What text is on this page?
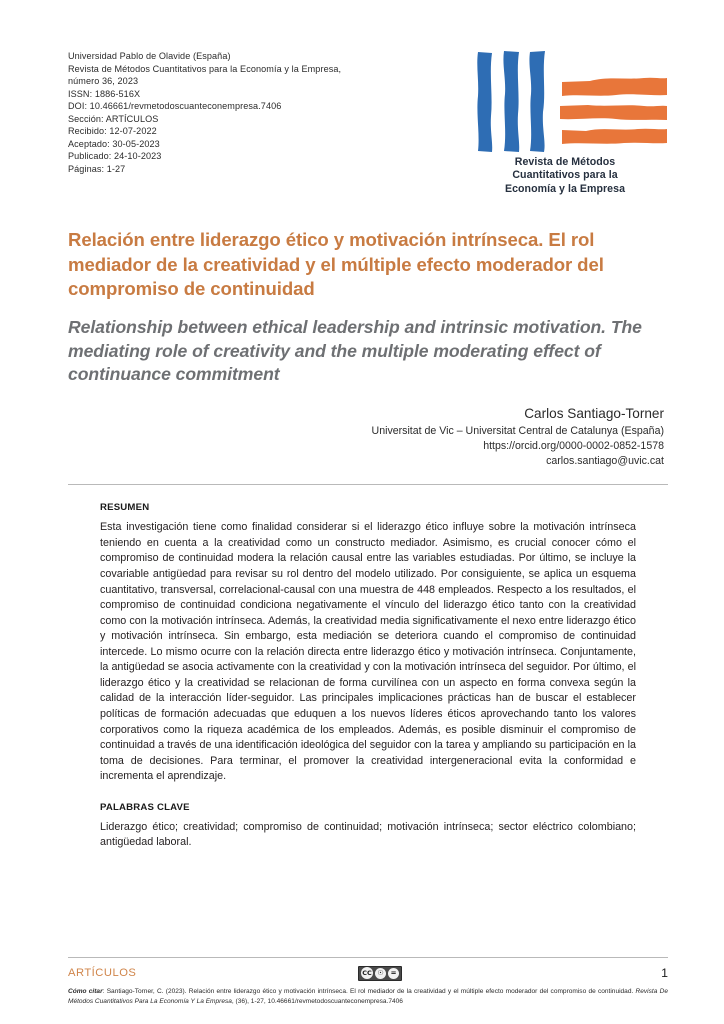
Universidad Pablo de Olavide (España)
Revista de Métodos Cuantitativos para la Economía y la Empresa,
número 36, 2023
ISSN: 1886-516X
DOI: 10.46661/revmetodoscuanteconempresa.7406
Sección: ARTÍCULOS
Recibido: 12-07-2022
Aceptado: 30-05-2023
Publicado: 24-10-2023
Páginas: 1-27
Revista de Métodos
Cuantitativos para la
Economía y la Empresa
Relación entre liderazgo ético y motivación intrínseca. El rol mediador de la creatividad y el múltiple efecto moderador del compromiso de continuidad
Relationship between ethical leadership and intrinsic motivation. The mediating role of creativity and the multiple moderating effect of continuance commitment
Carlos Santiago-Torner
Universitat de Vic – Universitat Central de Catalunya (España)
https://orcid.org/0000-0002-0852-1578
carlos.santiago@uvic.cat
RESUMEN

Esta investigación tiene como finalidad considerar si el liderazgo ético influye sobre la motivación intrínseca teniendo en cuenta a la creatividad como un constructo mediador. Asimismo, es crucial conocer cómo el compromiso de continuidad modera la relación causal entre las variables estudiadas. Por último, se incluye la covariable antigüedad para revisar su rol dentro del modelo utilizado. Por consiguiente, se aplica un esquema cuantitativo, transversal, correlacional-causal con una muestra de 448 empleados. Respecto a los resultados, el compromiso de continuidad condiciona negativamente el vínculo del liderazgo ético tanto con la creatividad como con la motivación intrínseca. Además, la creatividad media significativamente el nexo entre liderazgo ético y motivación intrínseca. Sin embargo, esta mediación se deteriora cuando el compromiso de continuidad intercede. Lo mismo ocurre con la relación directa entre liderazgo ético y motivación intrínseca. Conjuntamente, la antigüedad se asocia activamente con la creatividad y con la motivación intrínseca del seguidor. Por último, el liderazgo ético y la creatividad se relacionan de forma curvilínea con un aspecto en forma convexa según la calidad de la interacción líder-seguidor. Las principales implicaciones prácticas han de buscar el establecer políticas de formación adecuadas que eduquen a los nuevos líderes éticos aprovechando tanto los valores corporativos como la riqueza académica de los empleados. Además, es posible disminuir el compromiso de continuidad a través de una identificación ideológica del seguidor con la tarea y ampliando su participación en la toma de decisiones. Para terminar, el promover la creatividad intergeneracional evita la conformidad e incrementa el aprendizaje.

PALABRAS CLAVE

Liderazgo ético; creatividad; compromiso de continuidad; motivación intrínseca; sector eléctrico colombiano; antigüedad laboral.

ARTÍCULOS	CC ☉ =	1
Cómo citar: Santiago-Torner, C. (2023). Relación entre liderazgo ético y motivación intrínseca. El rol mediador de la creatividad y el múltiple efecto moderador del compromiso de continuidad. Revista De Métodos Cuantitativos Para La Economía Y La Empresa, (36), 1-27, 10.46661/revmetodoscuanteconempresa.7406
